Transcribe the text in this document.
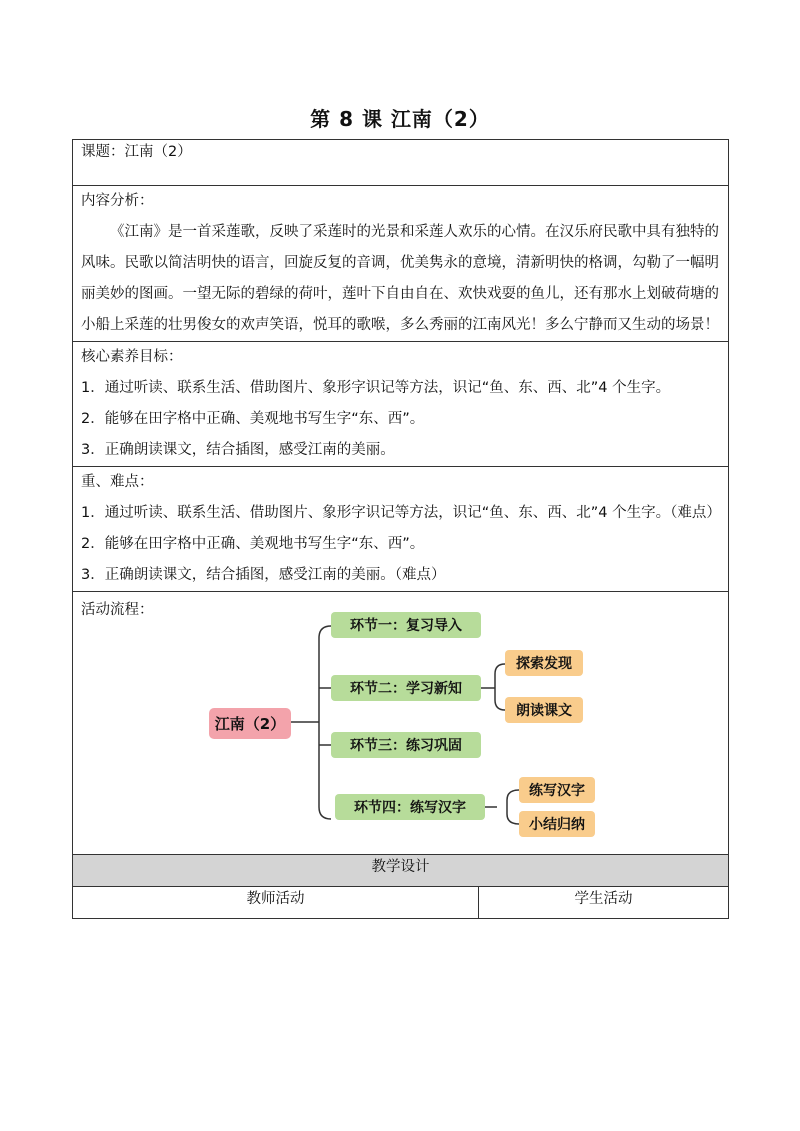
第 8 课 江南（2）
课题：江南（2）

内容分析：
《江南》是一首采莲歌，反映了采莲时的光景和采莲人欢乐的心情。在汉乐府民歌中具有独特的风味。民歌以简洁明快的语言，回旋反复的音调，优美隽永的意境，清新明快的格调，勾勒了一幅明丽美妙的图画。一望无际的碧绿的荷叶，莲叶下自由自在、欢快戏耍的鱼儿，还有那水上划破荷塘的小船上采莲的壮男俊女的欢声笑语，悦耳的歌喉，多么秀丽的江南风光！多么宁静而又生动的场景！

核心素养目标：
1．通过听读、联系生活、借助图片、象形字识记等方法，识记“鱼、东、西、北”4 个生字。
2．能够在田字格中正确、美观地书写生字“东、西”。
3．正确朗读课文，结合插图，感受江南的美丽。

重、难点：
1．通过听读、联系生活、借助图片、象形字识记等方法，识记“鱼、东、西、北”4 个生字。（难点）
2．能够在田字格中正确、美观地书写生字“东、西”。
3．正确朗读课文，结合插图，感受江南的美丽。（难点）

活动流程：
江南（2）
环节一：复习导入
环节二：学习新知
环节三：练习巩固
环节四：练写汉字
探索发现
朗读课文
练写汉字
小结归纳

教学设计
教师活动	学生活动
